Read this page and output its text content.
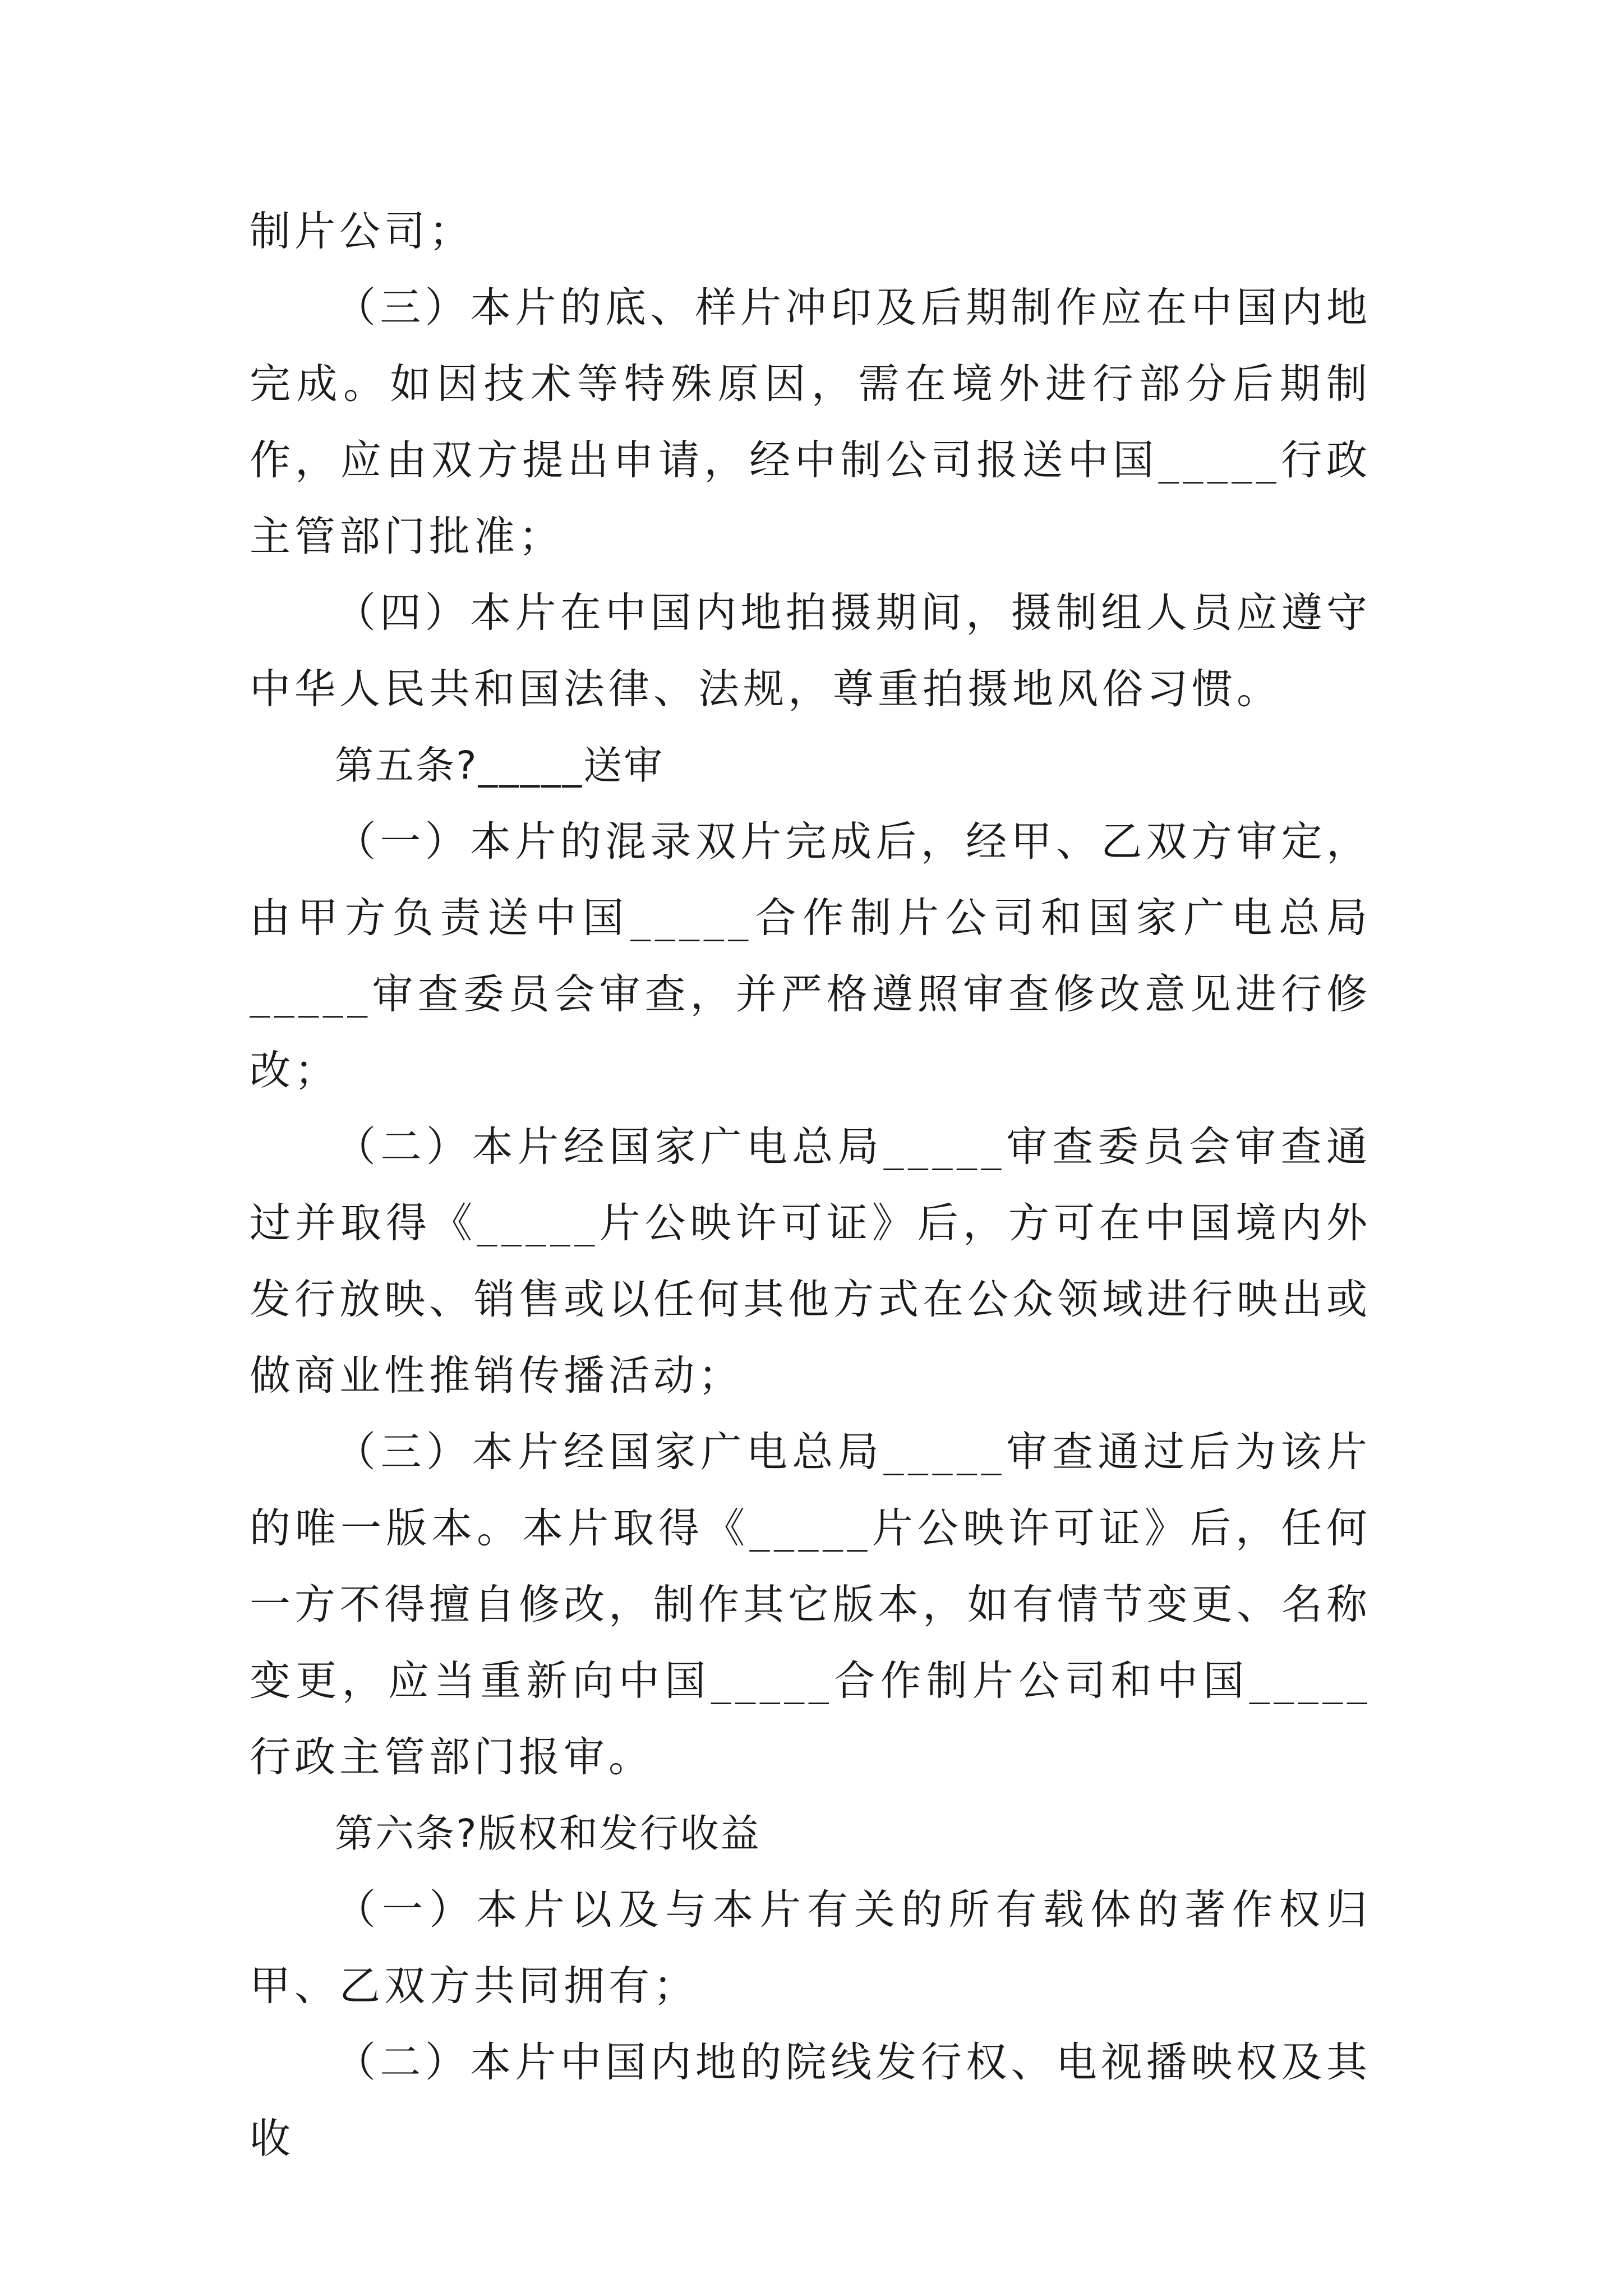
制片公司；

（三）本片的底、样片冲印及后期制作应在中国内地完成。如因技术等特殊原因，需在境外进行部分后期制作，应由双方提出申请，经中制公司报送中国_____行政主管部门批准；

（四）本片在中国内地拍摄期间，摄制组人员应遵守中华人民共和国法律、法规，尊重拍摄地风俗习惯。

第五条?_____送审

（一）本片的混录双片完成后，经甲、乙双方审定，由甲方负责送中国_____合作制片公司和国家广电总局_____审查委员会审查，并严格遵照审查修改意见进行修改；

（二）本片经国家广电总局_____审查委员会审查通过并取得《_____片公映许可证》后，方可在中国境内外发行放映、销售或以任何其他方式在公众领域进行映出或做商业性推销传播活动；

（三）本片经国家广电总局_____审查通过后为该片的唯一版本。本片取得《_____片公映许可证》后，任何一方不得擅自修改，制作其它版本，如有情节变更、名称变更，应当重新向中国_____合作制片公司和中国_____行政主管部门报审。

第六条?版权和发行收益

（一）本片以及与本片有关的所有载体的著作权归甲、乙双方共同拥有；

（二）本片中国内地的院线发行权、电视播映权及其收
